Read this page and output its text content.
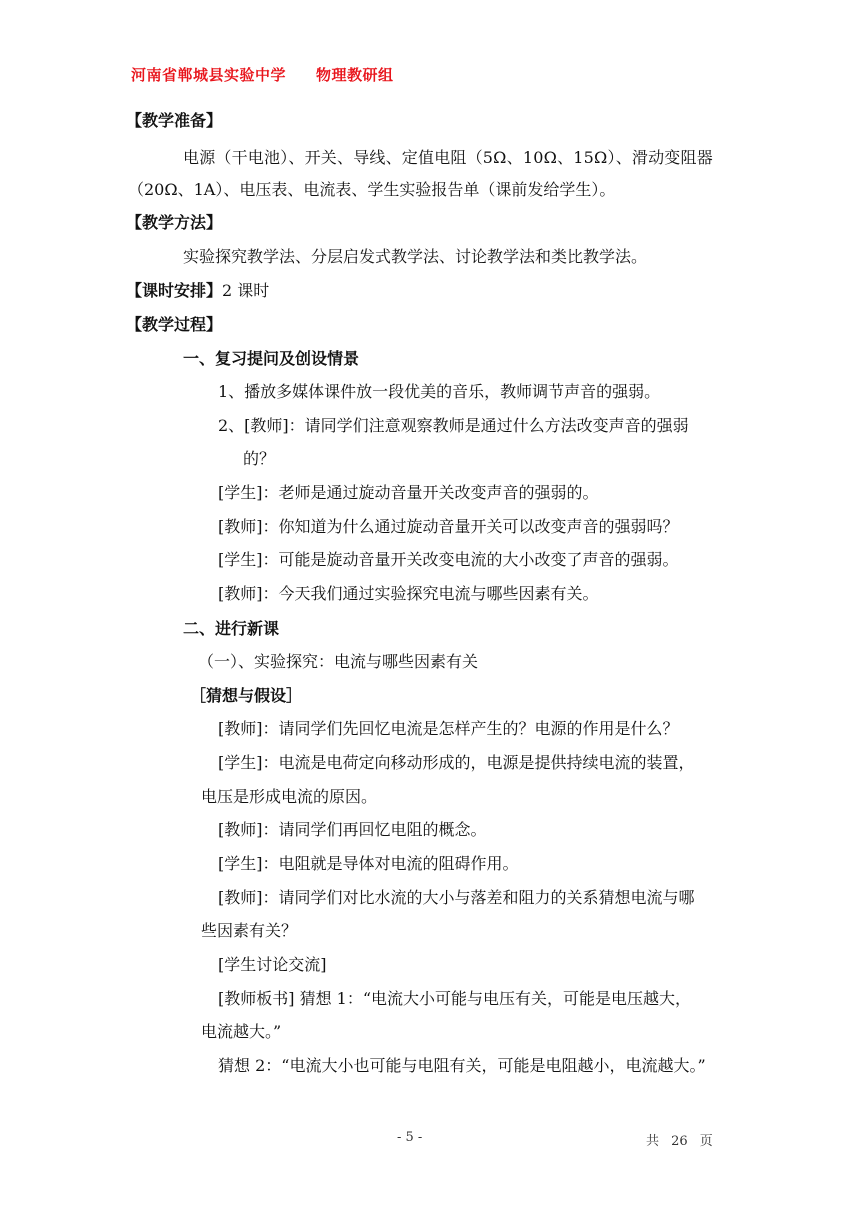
河南省郸城县实验中学 物理教研组
【教学准备】
电源（干电池）、开关、导线、定值电阻（5Ω、10Ω、15Ω）、滑动变阻器
（20Ω、1A）、电压表、电流表、学生实验报告单（课前发给学生）。
【教学方法】
实验探究教学法、分层启发式教学法、讨论教学法和类比教学法。
【课时安排】2 课时
【教学过程】
一、复习提问及创设情景
1、播放多媒体课件放一段优美的音乐，教师调节声音的强弱。
2、[教师]：请同学们注意观察教师是通过什么方法改变声音的强弱
的？
[学生]：老师是通过旋动音量开关改变声音的强弱的。
[教师]：你知道为什么通过旋动音量开关可以改变声音的强弱吗？
[学生]：可能是旋动音量开关改变电流的大小改变了声音的强弱。
[教师]：今天我们通过实验探究电流与哪些因素有关。
二、进行新课
（一）、实验探究：电流与哪些因素有关
［猜想与假设］
[教师]：请同学们先回忆电流是怎样产生的？电源的作用是什么？
[学生]：电流是电荷定向移动形成的，电源是提供持续电流的装置，
电压是形成电流的原因。
[教师]：请同学们再回忆电阻的概念。
[学生]：电阻就是导体对电流的阻碍作用。
[教师]：请同学们对比水流的大小与落差和阻力的关系猜想电流与哪
些因素有关？
[学生讨论交流]
[教师板书] 猜想 1：“电流大小可能与电压有关，可能是电压越大，
电流越大。”
猜想 2：“电流大小也可能与电阻有关，可能是电阻越小，电流越大。”
- 5 -	共 26 页
